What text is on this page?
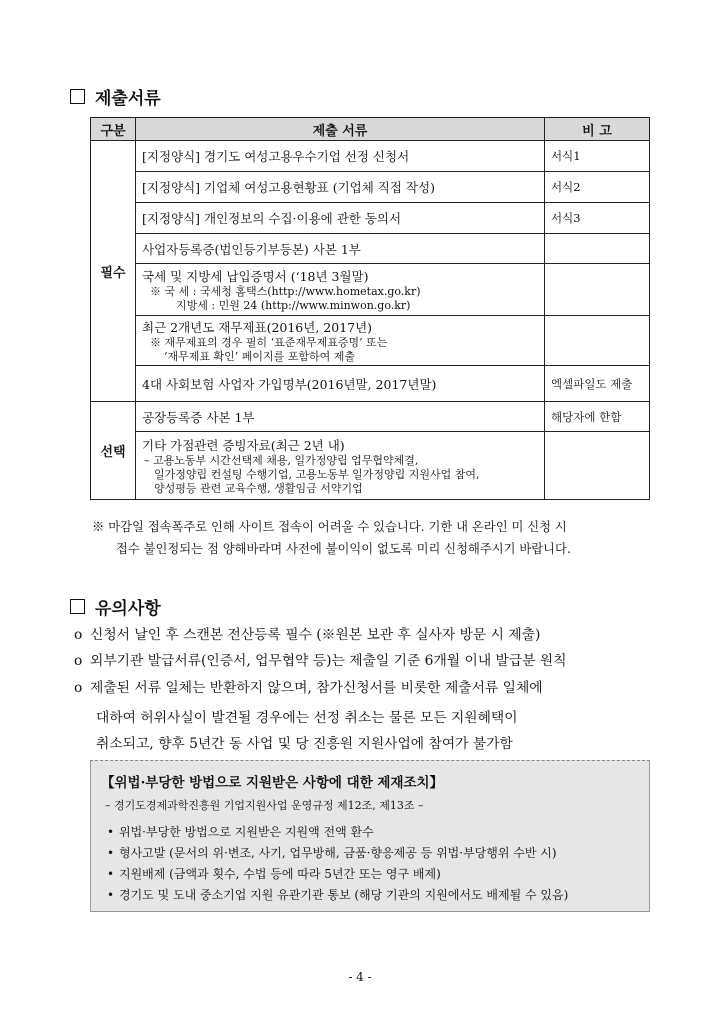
제출서류
구분	제출 서류	비 고
필수	[지정양식] 경기도 여성고용우수기업 선정 신청서	서식1
	[지정양식] 기업체 여성고용현황표 (기업체 직접 작성)	서식2
	[지정양식] 개인정보의 수집·이용에 관한 동의서	서식3
	사업자등록증(법인등기부등본) 사본 1부	

	국세 및 지방세 납입증명서 (‘18년 3월말)
※ 국 세 : 국세청 홈택스(http://www.hometax.go.kr)
지방세 : 민원 24 (http://www.minwon.go.kr)	

	최근 2개년도 재무제표(2016년, 2017년)
※ 재무제표의 경우 필히 ‘표준재무제표증명’ 또는
‘재무제표 확인’ 페이지를 포함하여 제출	

	4대 사회보험 사업자 가입명부(2016년말, 2017년말)	엑셀파일도 제출
선택	공장등록증 사본 1부	해당자에 한함

	기타 가점관련 증빙자료(최근 2년 내)
– 고용노동부 시간선택제 채용, 일가정양립 업무협약체결,
일가정양립 컨설팅 수행기업, 고용노동부 일가정양립 지원사업 참여,
양성평등 관련 교육수행, 생활임금 서약기업	

※ 마감일 접속폭주로 인해 사이트 접속이 어려울 수 있습니다. 기한 내 온라인 미 신청 시
접수 불인정되는 점 양해바라며 사전에 불이익이 없도록 미리 신청해주시기 바랍니다.
유의사항
o 신청서 날인 후 스캔본 전산등록 필수 (※원본 보관 후 실사자 방문 시 제출)
o 외부기관 발급서류(인증서, 업무협약 등)는 제출일 기준 6개월 이내 발급분 원칙
o 제출된 서류 일체는 반환하지 않으며, 참가신청서를 비롯한 제출서류 일체에
대하여 허위사실이 발견될 경우에는 선정 취소는 물론 모든 지원혜택이
취소되고, 향후 5년간 동 사업 및 당 진흥원 지원사업에 참여가 불가함
【위법·부당한 방법으로 지원받은 사항에 대한 제재조치】
– 경기도경제과학진흥원 기업지원사업 운영규정 제12조, 제13조 –
• 위법·부당한 방법으로 지원받은 지원액 전액 환수
• 형사고발 (문서의 위·변조, 사기, 업무방해, 금품·향응제공 등 위법·부당행위 수반 시)
• 지원배제 (금액과 횟수, 수법 등에 따라 5년간 또는 영구 배제)
• 경기도 및 도내 중소기업 지원 유관기관 통보 (해당 기관의 지원에서도 배제될 수 있음)
- 4 -
